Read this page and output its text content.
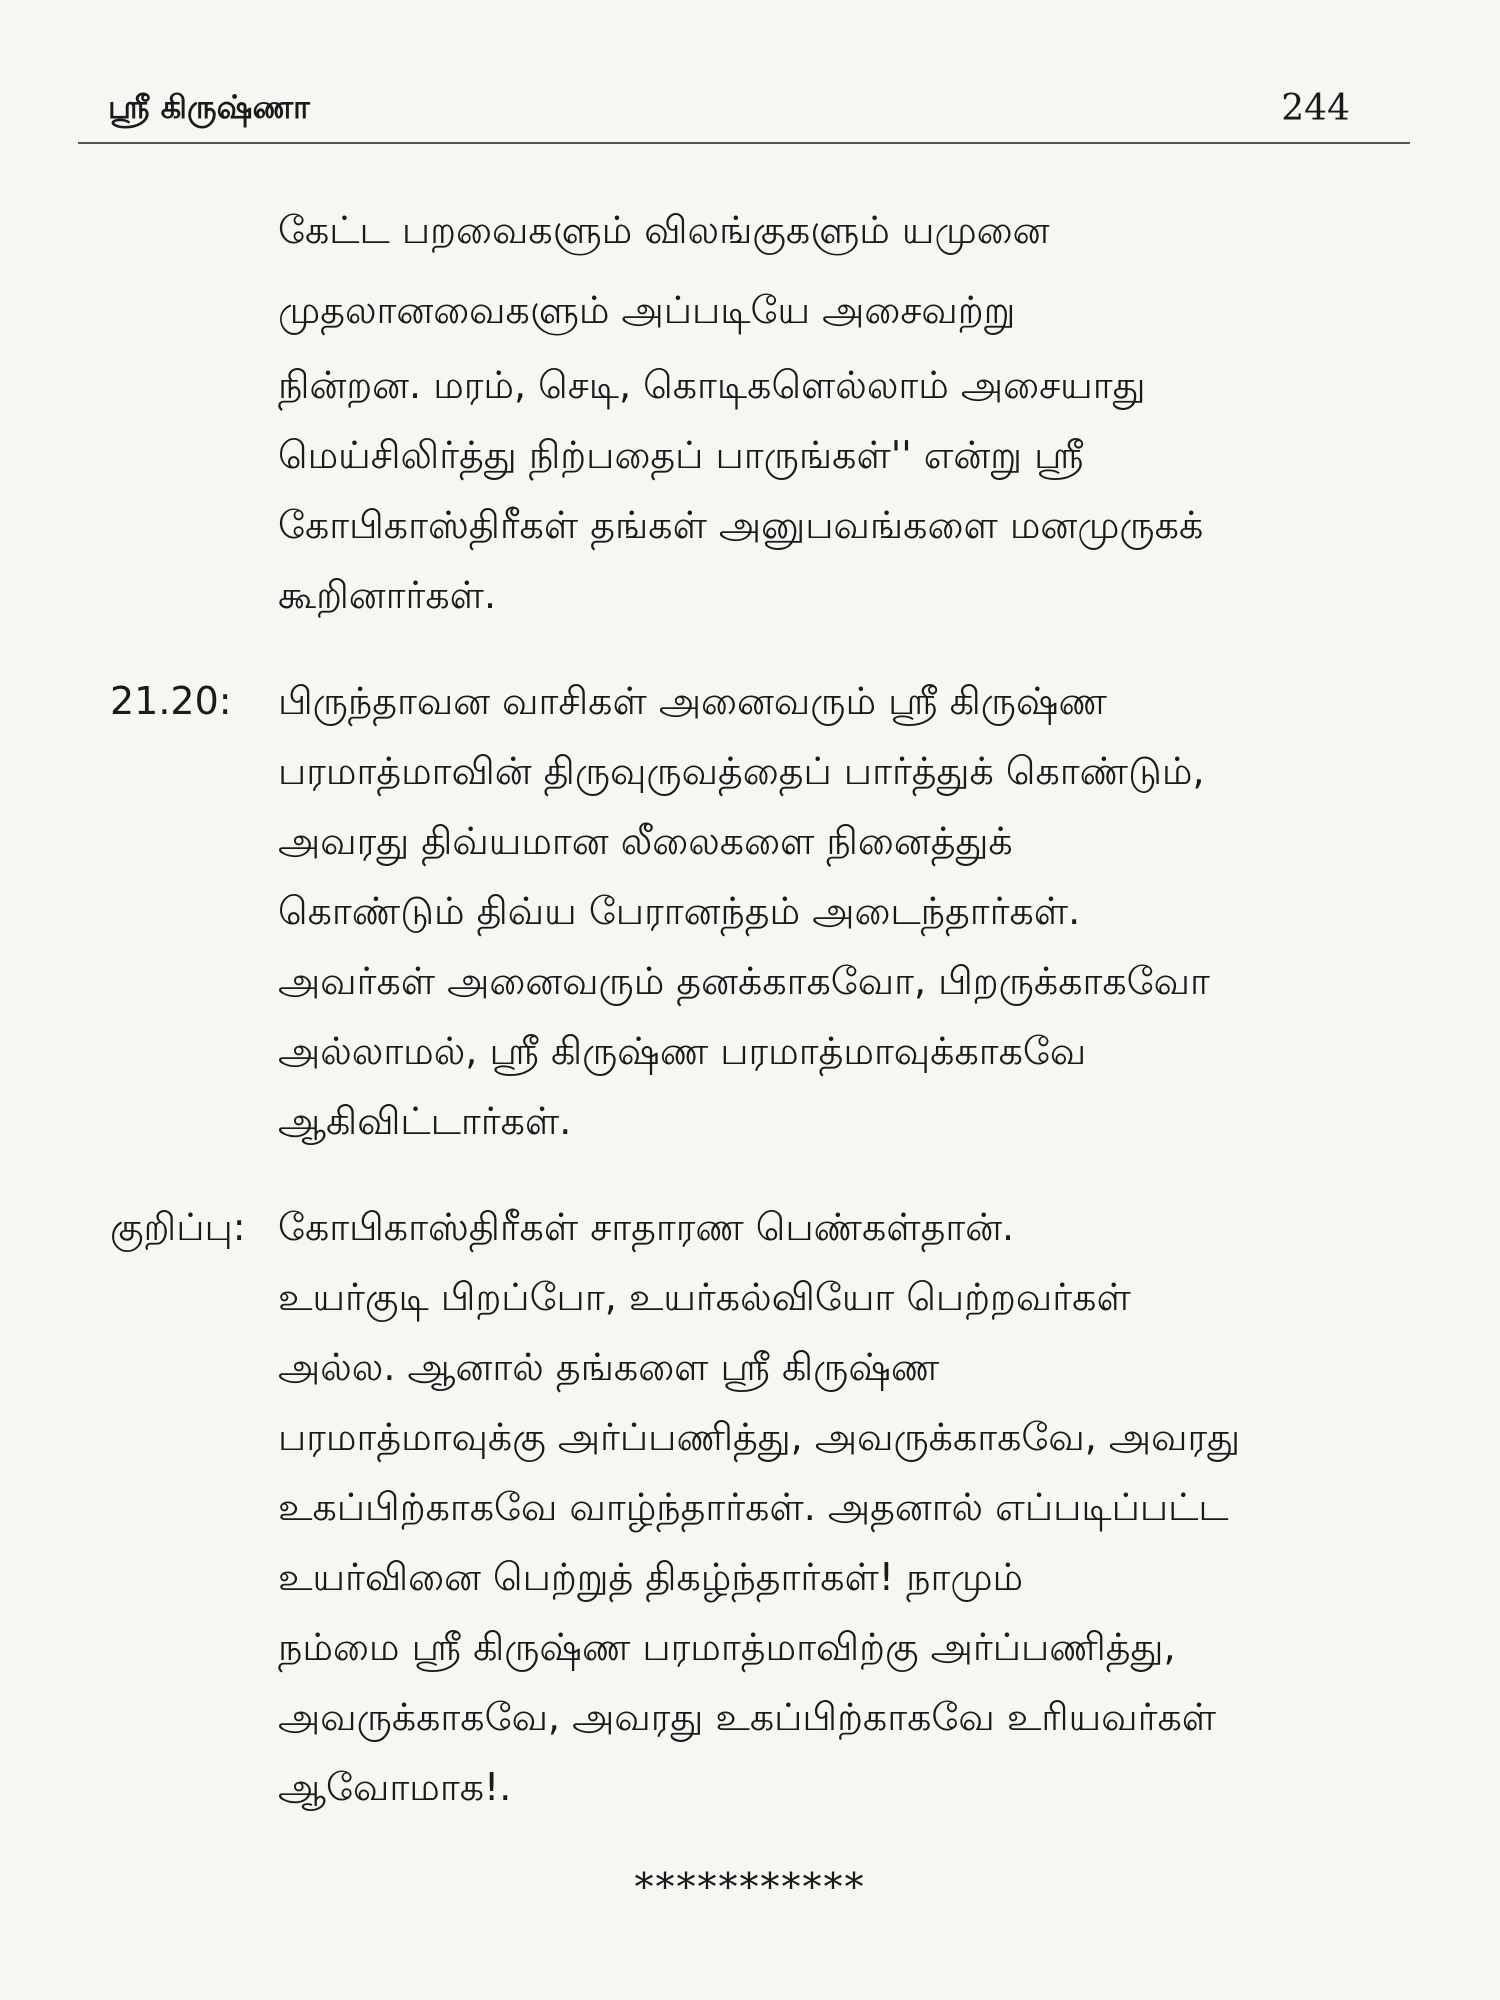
ஸ்ரீ கிருஷ்ணா	244
கேட்ட பறவைகளும் விலங்குகளும் யமுனை
முதலானவைகளும் அப்படியே அசைவற்று
நின்றன. மரம், செடி, கொடிகளெல்லாம் அசையாது
மெய்சிலிர்த்து நிற்பதைப் பாருங்கள்'' என்று ஸ்ரீ
கோபிகாஸ்திரீகள் தங்கள் அனுபவங்களை மனமுருகக்
கூறினார்கள்.
21.20: பிருந்தாவன வாசிகள் அனைவரும் ஸ்ரீ கிருஷ்ண
பரமாத்மாவின் திருவுருவத்தைப் பார்த்துக் கொண்டும்,
அவரது திவ்யமான லீலைகளை நினைத்துக்
கொண்டும் திவ்ய பேரானந்தம் அடைந்தார்கள்.
அவர்கள் அனைவரும் தனக்காகவோ, பிறருக்காகவோ
அல்லாமல், ஸ்ரீ கிருஷ்ண பரமாத்மாவுக்காகவே
ஆகிவிட்டார்கள்.
குறிப்பு: கோபிகாஸ்திரீகள் சாதாரண பெண்கள்தான்.
உயர்குடி பிறப்போ, உயர்கல்வியோ பெற்றவர்கள்
அல்ல. ஆனால் தங்களை ஸ்ரீ கிருஷ்ண
பரமாத்மாவுக்கு அர்ப்பணித்து, அவருக்காகவே, அவரது
உகப்பிற்காகவே வாழ்ந்தார்கள். அதனால் எப்படிப்பட்ட
உயர்வினை பெற்றுத் திகழ்ந்தார்கள்! நாமும்
நம்மை ஸ்ரீ கிருஷ்ண பரமாத்மாவிற்கு அர்ப்பணித்து,
அவருக்காகவே, அவரது உகப்பிற்காகவே உரியவர்கள்
ஆவோமாக!.
***********
